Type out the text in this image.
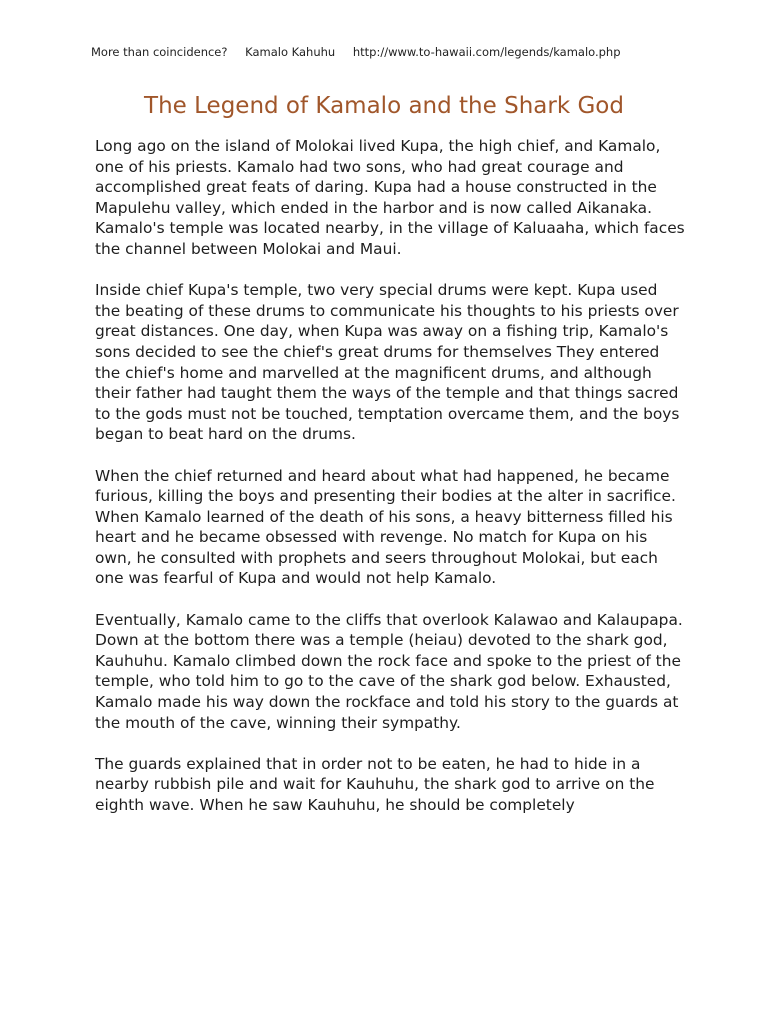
More than coincidence? Kamalo Kahuhu http://www.to-hawaii.com/legends/kamalo.php
The Legend of Kamalo and the Shark God

Long ago on the island of Molokai lived Kupa, the high chief, and Kamalo, one of his priests. Kamalo had two sons, who had great courage and accomplished great feats of daring. Kupa had a house constructed in the Mapulehu valley, which ended in the harbor and is now called Aikanaka. Kamalo's temple was located nearby, in the village of Kaluaaha, which faces the channel between Molokai and Maui.

Inside chief Kupa's temple, two very special drums were kept. Kupa used the beating of these drums to communicate his thoughts to his priests over great distances. One day, when Kupa was away on a fishing trip, Kamalo's sons decided to see the chief's great drums for themselves They entered the chief's home and marvelled at the magnificent drums, and although their father had taught them the ways of the temple and that things sacred to the gods must not be touched, temptation overcame them, and the boys began to beat hard on the drums.

When the chief returned and heard about what had happened, he became furious, killing the boys and presenting their bodies at the alter in sacrifice. When Kamalo learned of the death of his sons, a heavy bitterness filled his heart and he became obsessed with revenge. No match for Kupa on his own, he consulted with prophets and seers throughout Molokai, but each one was fearful of Kupa and would not help Kamalo.

Eventually, Kamalo came to the cliffs that overlook Kalawao and Kalaupapa. Down at the bottom there was a temple (heiau) devoted to the shark god, Kauhuhu. Kamalo climbed down the rock face and spoke to the priest of the temple, who told him to go to the cave of the shark god below. Exhausted, Kamalo made his way down the rockface and told his story to the guards at the mouth of the cave, winning their sympathy.

The guards explained that in order not to be eaten, he had to hide in a nearby rubbish pile and wait for Kauhuhu, the shark god to arrive on the eighth wave. When he saw Kauhuhu, he should be completely
